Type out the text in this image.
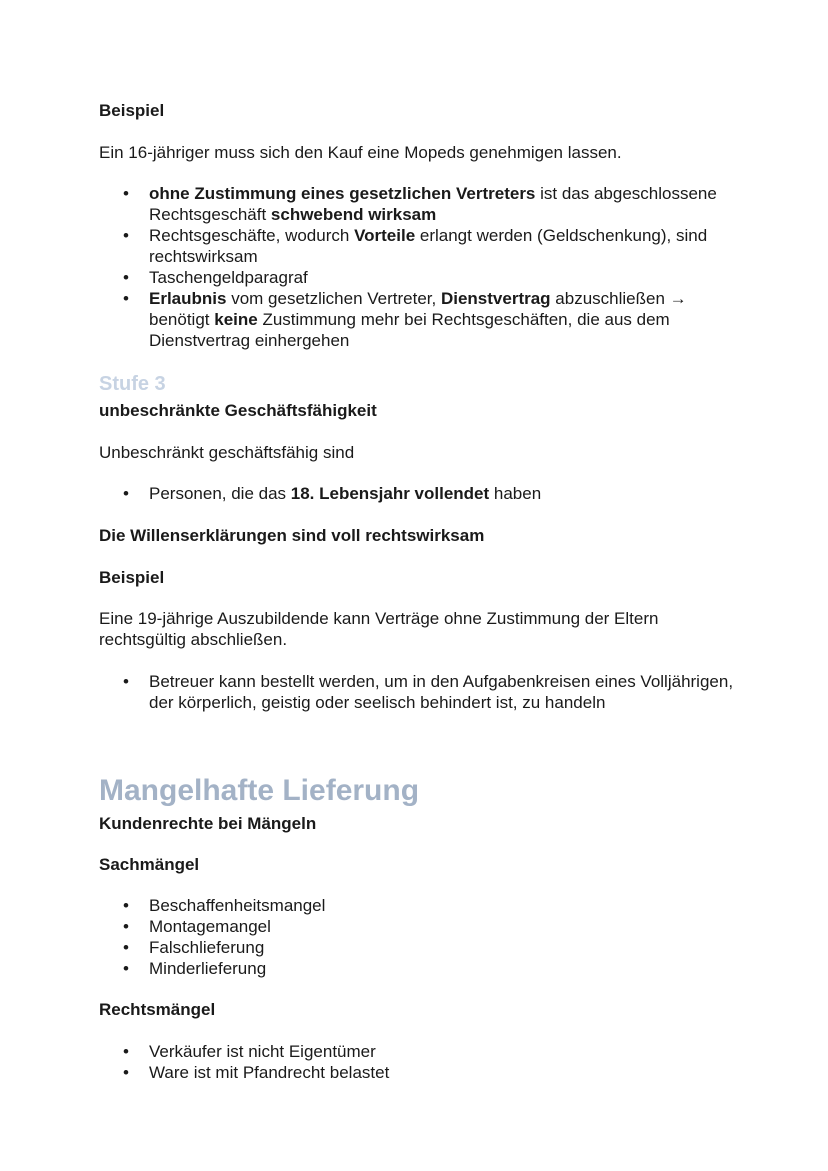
Beispiel
Ein 16-jähriger muss sich den Kauf eine Mopeds genehmigen lassen.
• ohne Zustimmung eines gesetzlichen Vertreters ist das abgeschlossene Rechtsgeschäft schwebend wirksam
• Rechtsgeschäfte, wodurch Vorteile erlangt werden (Geldschenkung), sind rechtswirksam
• Taschengeldparagraf
• Erlaubnis vom gesetzlichen Vertreter, Dienstvertrag abzuschließen → benötigt keine Zustimmung mehr bei Rechtsgeschäften, die aus dem Dienstvertrag einhergehen
Stufe 3
unbeschränkte Geschäftsfähigkeit
Unbeschränkt geschäftsfähig sind
• Personen, die das 18. Lebensjahr vollendet haben
Die Willenserklärungen sind voll rechtswirksam
Beispiel
Eine 19-jährige Auszubildende kann Verträge ohne Zustimmung der Eltern rechtsgültig abschließen.
• Betreuer kann bestellt werden, um in den Aufgabenkreisen eines Volljährigen, der körperlich, geistig oder seelisch behindert ist, zu handeln
Mangelhafte Lieferung
Kundenrechte bei Mängeln
Sachmängel
• Beschaffenheitsmangel
• Montagemangel
• Falschlieferung
• Minderlieferung
Rechtsmängel
• Verkäufer ist nicht Eigentümer
• Ware ist mit Pfandrecht belastet
